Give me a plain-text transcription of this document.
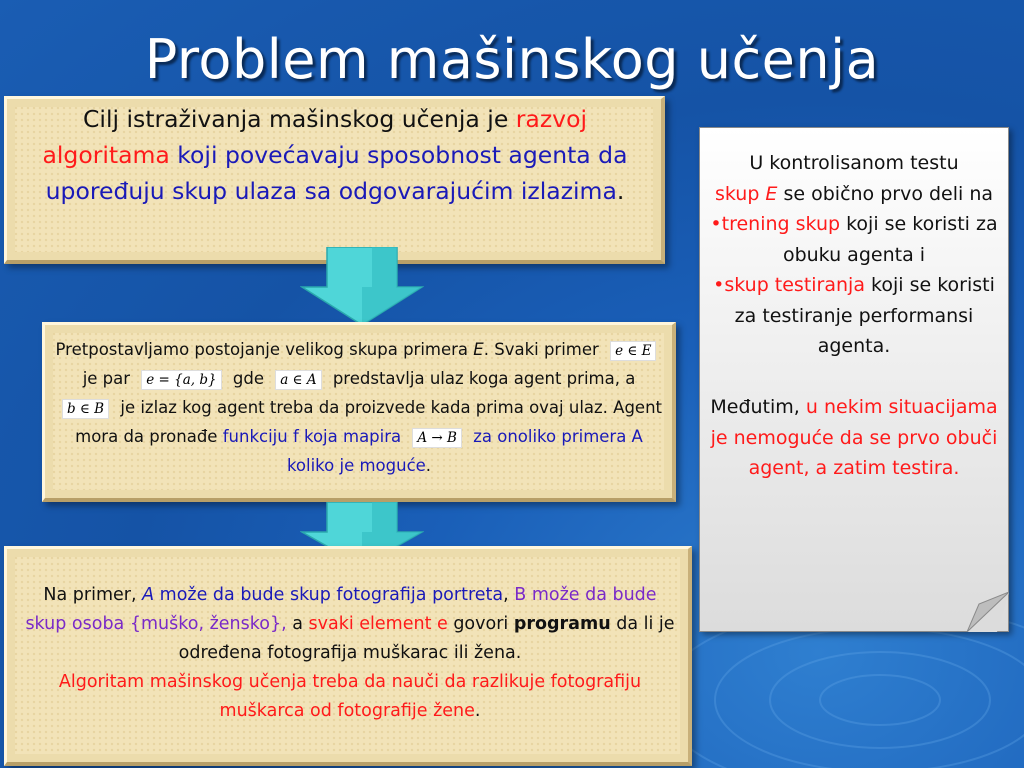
Problem mašinskog učenja
Cilj istraživanja mašinskog učenja je razvoj algoritama koji povećavaju sposobnost agenta da upoređuju skup ulaza sa odgovarajućim izlazima.
Pretpostavljamo postojanje velikog skupa primera E. Svaki primer e ∈ E je par e = {a, b} gde a ∈ A predstavlja ulaz koga agent prima, a b ∈ B je izlaz kog agent treba da proizvede kada prima ovaj ulaz. Agent mora da pronađe funkciju f koja mapira A → B za onoliko primera A koliko je moguće.
Na primer, A može da bude skup fotografija portreta, B može da bude skup osoba {muško, žensko}, a svaki element e govori programu da li je određena fotografija muškarac ili žena.
Algoritam mašinskog učenja treba da nauči da razlikuje fotografiju muškarca od fotografije žene.
U kontrolisanom testu
skup E se obično prvo deli na
•trening skup koji se koristi za obuku agenta i
•skup testiranja koji se koristi za testiranje performansi agenta.

Međutim, u nekim situacijama je nemoguće da se prvo obuči agent, a zatim testira.
